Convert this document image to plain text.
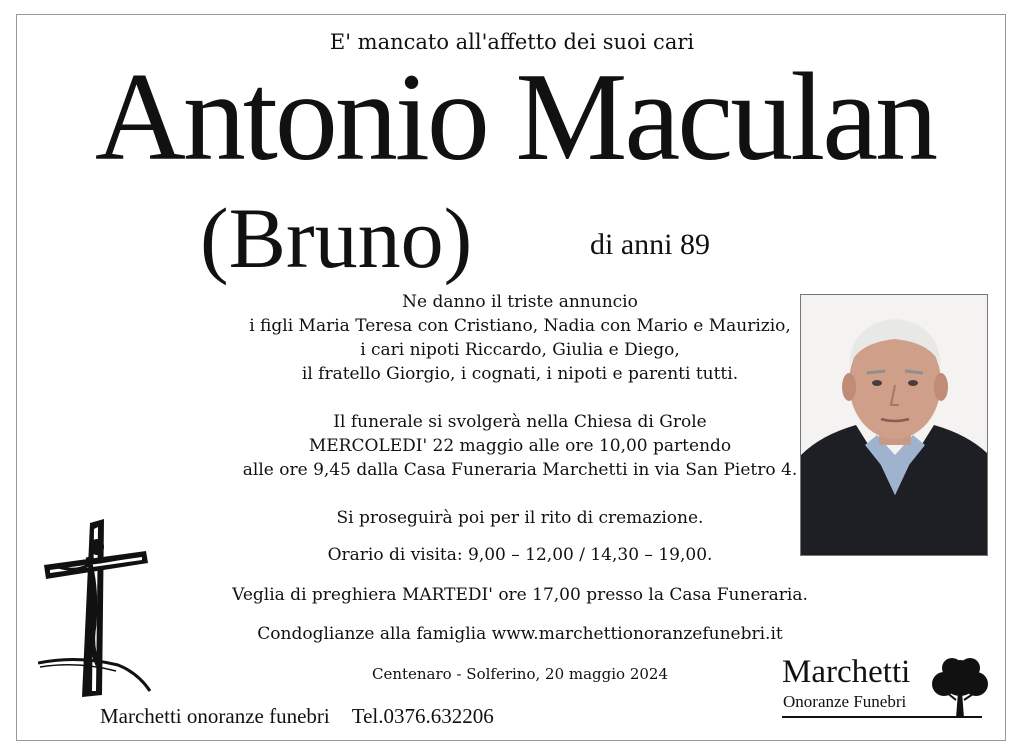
E' mancato all'affetto dei suoi cari
Antonio Maculan
(Bruno)	di anni 89
Ne danno il triste annuncio
i figli Maria Teresa con Cristiano, Nadia con Mario e Maurizio,
i cari nipoti Riccardo, Giulia e Diego,
il fratello Giorgio, i cognati, i nipoti e parenti tutti.
Il funerale si svolgerà nella Chiesa di Grole
MERCOLEDI' 22 maggio alle ore 10,00 partendo
alle ore 9,45 dalla Casa Funeraria Marchetti in via San Pietro 4.
Si proseguirà poi per il rito di cremazione.
Orario di visita: 9,00 – 12,00 / 14,30 – 19,00.
Veglia di preghiera MARTEDI' ore 17,00 presso la Casa Funeraria.
Condoglianze alla famiglia www.marchettionoranzefunebri.it
Centenaro - Solferino, 20 maggio 2024
Marchetti onoranze funebri Tel.0376.632206
Marchetti
Onoranze Funebri
